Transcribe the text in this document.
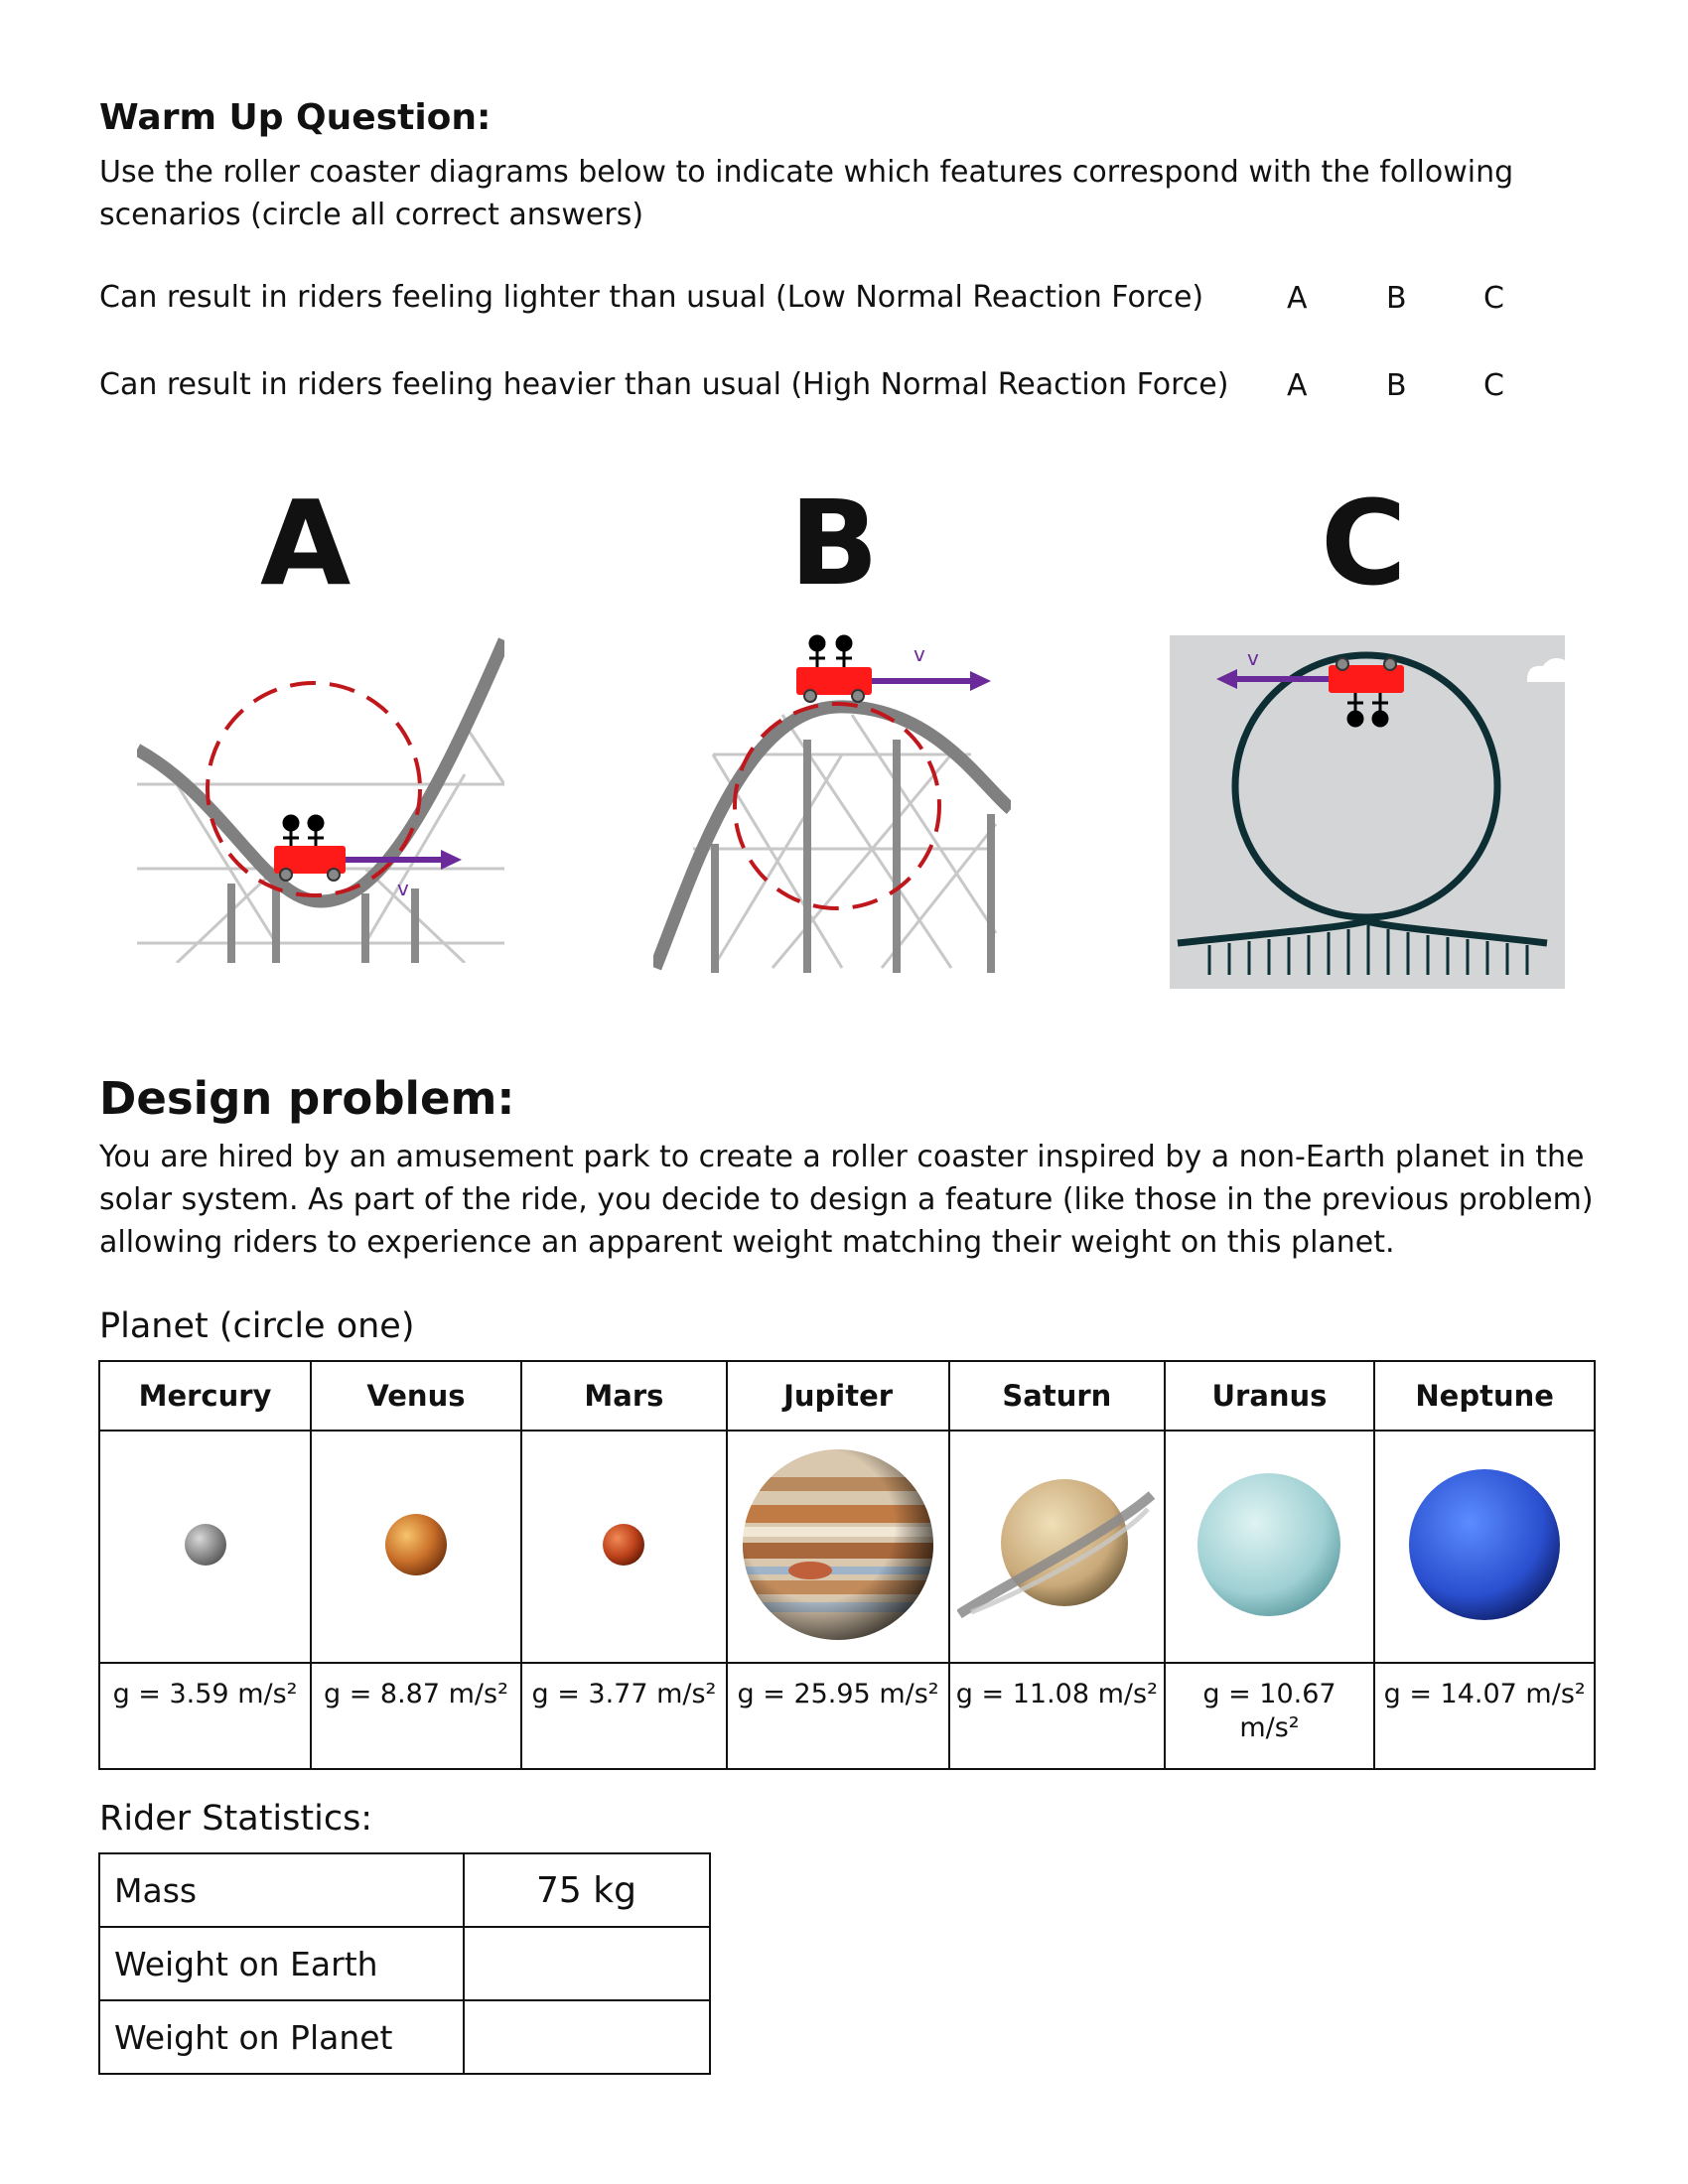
Warm Up Question:
Use the roller coaster diagrams below to indicate which features correspond with the following scenarios (circle all correct answers)
Can result in riders feeling lighter than usual (Low Normal Reaction Force)	A	B	C
Can result in riders feeling heavier than usual (High Normal Reaction Force) A	B	C
A	B	C
v
v	v
Design problem:
You are hired by an amusement park to create a roller coaster inspired by a non-Earth planet in the solar system. As part of the ride, you decide to design a feature (like those in the previous problem) allowing riders to experience an apparent weight matching their weight on this planet.
Planet (circle one)
Mercury	Venus	Mars	Jupiter	Saturn	Uranus	Neptune

g = 3.59 m/s²	g = 8.87 m/s²	g = 3.77 m/s²	g = 25.95 m/s²	g = 11.08 m/s²	g = 10.67 m/s²	g = 14.07 m/s²
Rider Statistics:
Mass	75 kg
Weight on Earth	
Weight on Planet	
